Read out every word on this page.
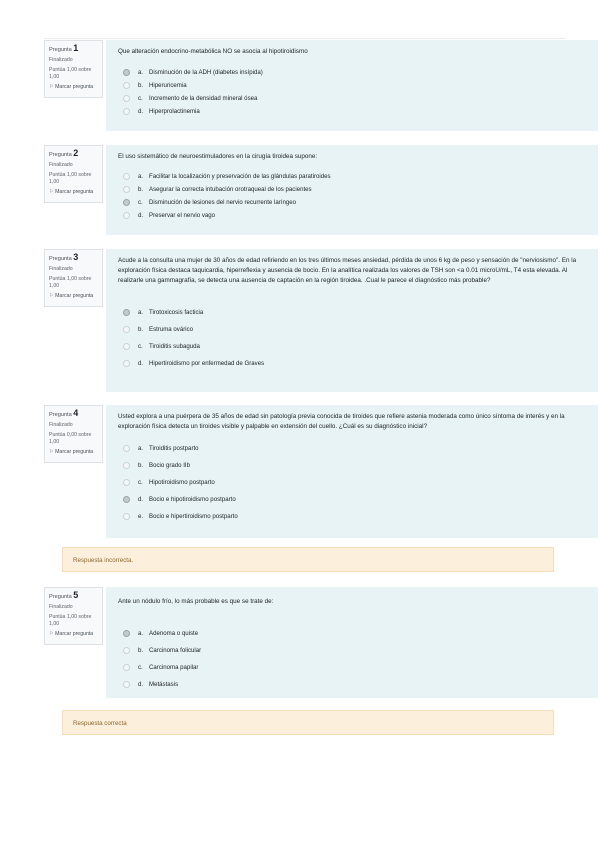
Pregunta 1
Finalizado
Puntúa 1,00 sobre 1,00
⚐ Marcar pregunta
Que alteración endocrino-metabólica NO se asocia al hipotiroidismo
a. Disminución de la ADH (diabetes insípida)
b. Hiperuricemia
c.	Incremento de la densidad mineral ósea
d. Hiperprolactinemia
Pregunta 2
Finalizado
Puntúa 1,00 sobre 1,00
⚐ Marcar pregunta
El uso sistemático de neuroestimuladores en la cirugía tiroidea supone:
a. Facilitar la localización y preservación de las glándulas paratiroides
b. Asegurar la correcta intubación orotraqueal de los pacientes
c.	Disminución de lesiones del nervio recurrente laríngeo
d. Preservar el nervio vago
Pregunta 3
Finalizado
Puntúa 1,00 sobre 1,00
⚐ Marcar pregunta
Acude a la consulta una mujer de 30 años de edad refiriendo en los tres últimos meses ansiedad, pérdida de unos 6 kg de peso y sensación de "nerviosismo". En la exploración física destaca taquicardia, hiperreflexia y ausencia de bocio. En la analítica realizada los valores de TSH son <a 0.01 microU/mL, T4 esta elevada. Al realizarle una gammagrafía, se detecta una ausencia de captación en la región tiroidea. .Cual le parece el diagnóstico más probable?
a. Tirotoxicosis facticia
b. Estruma ovárico
c.	Tiroiditis subaguda
d. Hipertiroidismo por enfermedad de Graves
Pregunta 4
Finalizado
Puntúa 0,00 sobre 1,00
⚐ Marcar pregunta
Usted explora a una puérpera de 35 años de edad sin patología previa conocida de tiroides que refiere astenia moderada como único síntoma de interés y en la exploración física detecta un tiroides visible y palpable en extensión del cuello. ¿Cuál es su diagnóstico inicial?
a. Tiroiditis postparto
b. Bocio grado IIb
c.	Hipotiroidismo postparto
d. Bocio e hipotiroidismo postparto
e. Bocio e hipertiroidismo postparto
Respuesta incorrecta.
Pregunta 5
Finalizado
Puntúa 1,00 sobre 1,00
⚐ Marcar pregunta
Ante un nódulo frío, lo más probable es que se trate de:
a. Adenoma o quiste
b. Carcinoma folicular
c.	Carcinoma papilar
d. Metástasis
Respuesta correcta
